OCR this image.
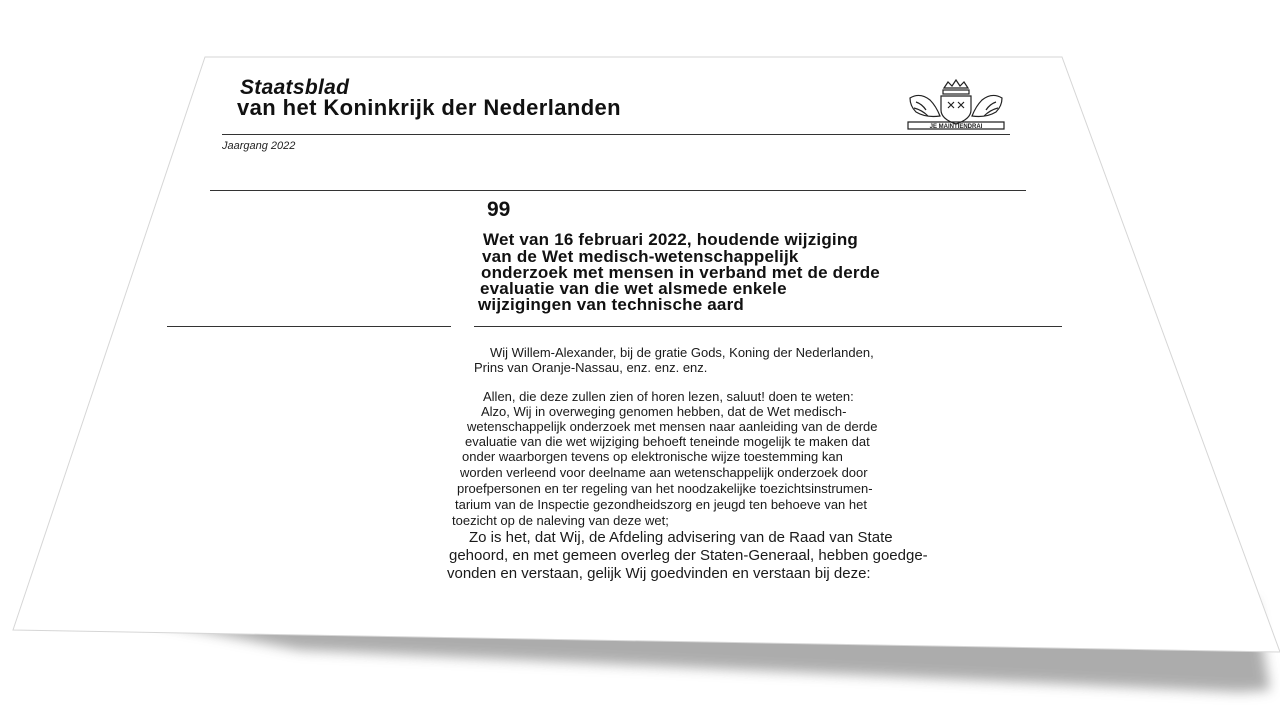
Staatsblad

van het Koninkrijk der Nederlanden

JE MAINTIENDRAI

Jaargang 2022

99

Wet van 16 februari 2022, houdende wijziging

van de Wet medisch-wetenschappelijk

onderzoek met mensen in verband met de derde

evaluatie van die wet alsmede enkele

wijzigingen van technische aard

Wij Willem-Alexander, bij de gratie Gods, Koning der Nederlanden,

Prins van Oranje-Nassau, enz. enz. enz.

Allen, die deze zullen zien of horen lezen, saluut! doen te weten:

Alzo, Wij in overweging genomen hebben, dat de Wet medisch-

wetenschappelijk onderzoek met mensen naar aanleiding van de derde

evaluatie van die wet wijziging behoeft teneinde mogelijk te maken dat

onder waarborgen tevens op elektronische wijze toestemming kan

worden verleend voor deelname aan wetenschappelijk onderzoek door

proefpersonen en ter regeling van het noodzakelijke toezichtsinstrumen-

tarium van de Inspectie gezondheidszorg en jeugd ten behoeve van het

toezicht op de naleving van deze wet;

Zo is het, dat Wij, de Afdeling advisering van de Raad van State

gehoord, en met gemeen overleg der Staten-Generaal, hebben goedge-

vonden en verstaan, gelijk Wij goedvinden en verstaan bij deze:
